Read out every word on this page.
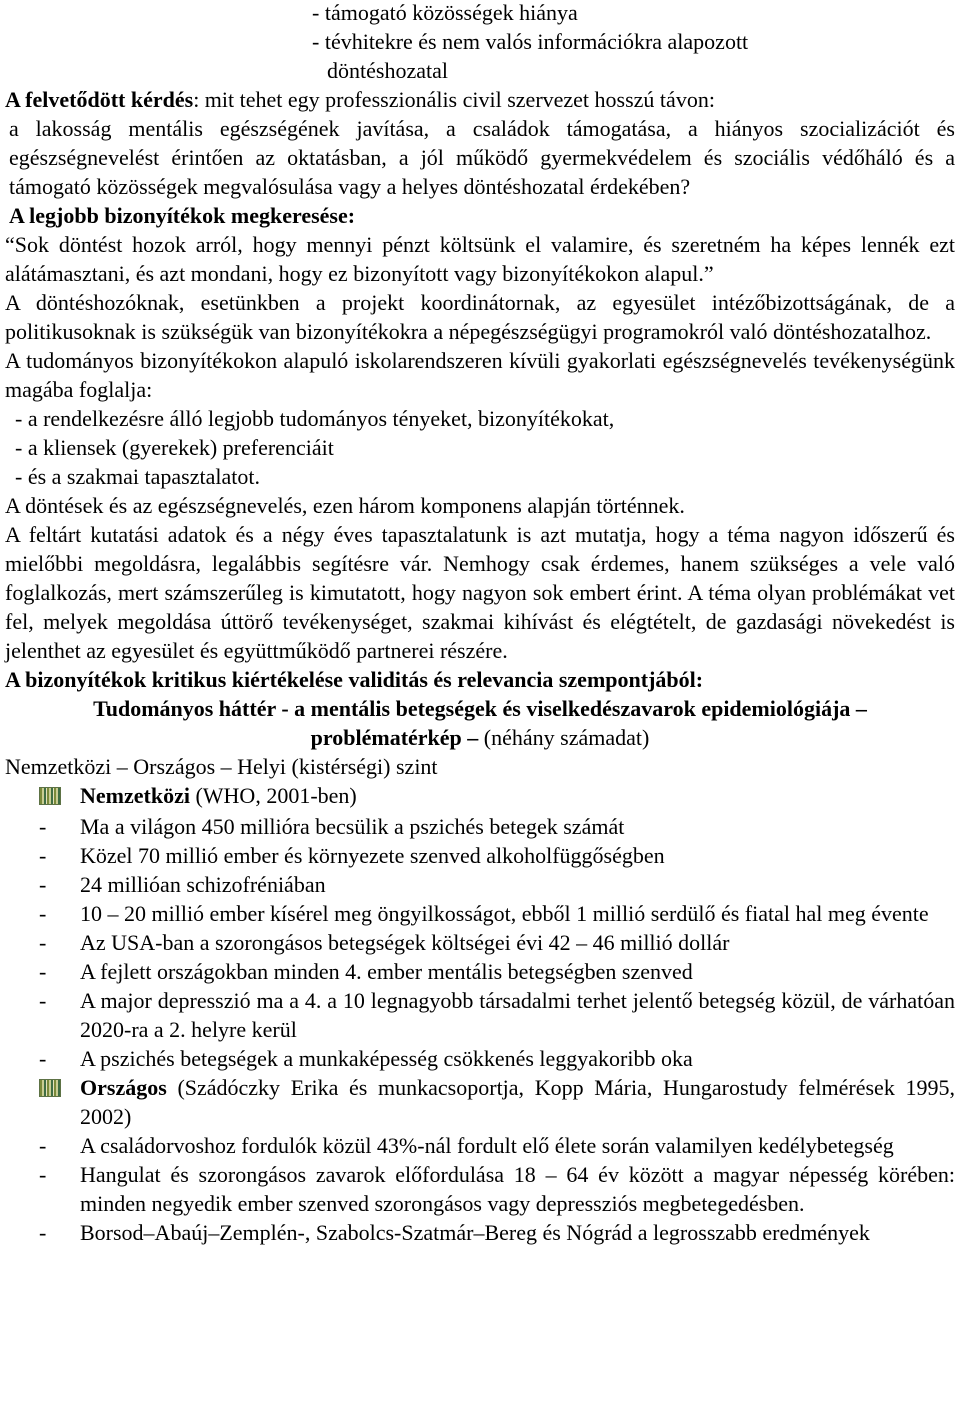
- támogató közösségek hiánya
- tévhitekre és nem valós információkra alapozott
döntéshozatal
A felvetődött kérdés: mit tehet egy professzionális civil szervezet hosszú távon:

a lakosság mentális egészségének javítása, a családok támogatása, a hiányos szocializációt és egészségnevelést érintően az oktatásban, a jól működő gyermekvédelem és szociális védőháló és a támogató közösségek megvalósulása vagy a helyes döntéshozatal érdekében?

A legjobb bizonyítékok megkeresése:

“Sok döntést hozok arról, hogy mennyi pénzt költsünk el valamire, és szeretném ha képes lennék ezt alátámasztani, és azt mondani, hogy ez bizonyított vagy bizonyítékokon alapul.”

A döntéshozóknak, esetünkben a projekt koordinátornak, az egyesület intézőbizottságának, de a politikusoknak is szükségük van bizonyítékokra a népegészségügyi programokról való döntéshozatalhoz.

A tudományos bizonyítékokon alapuló iskolarendszeren kívüli gyakorlati egészségnevelés tevékenységünk magába foglalja:

- a rendelkezésre álló legjobb tudományos tényeket, bizonyítékokat,
- a kliensek (gyerekek) preferenciáit
- és a szakmai tapasztalatot.

A döntések és az egészségnevelés, ezen három komponens alapján történnek.

A feltárt kutatási adatok és a négy éves tapasztalatunk is azt mutatja, hogy a téma nagyon időszerű és mielőbbi megoldásra, legalábbis segítésre vár. Nemhogy csak érdemes, hanem szükséges a vele való foglalkozás, mert számszerűleg is kimutatott, hogy nagyon sok embert érint. A téma olyan problémákat vet fel, melyek megoldása úttörő tevékenységet, szakmai kihívást és elégtételt, de gazdasági növekedést is jelenthet az egyesület és együttműködő partnerei részére.

A bizonyítékok kritikus kiértékelése validitás és relevancia szempontjából:
Tudományos háttér - a mentális betegségek és viselkedészavarok epidemiológiája –
problématérkép – (néhány számadat)
Nemzetközi – Országos – Helyi (kistérségi) szint
Nemzetközi (WHO, 2001-ben)
-	Ma a világon 450 millióra becsülik a pszichés betegek számát
-	Közel 70 millió ember és környezete szenved alkoholfüggőségben
-	24 millióan schizofréniában
-	10 – 20 millió ember kísérel meg öngyilkosságot, ebből 1 millió serdülő és fiatal hal meg évente
-	Az USA-ban a szorongásos betegségek költségei évi 42 – 46 millió dollár
-	A fejlett országokban minden 4. ember mentális betegségben szenved
-	A major depresszió ma a 4. a 10 legnagyobb társadalmi terhet jelentő betegség közül, de várhatóan 2020-ra a 2. helyre kerül
-	A pszichés betegségek a munkaképesség csökkenés leggyakoribb oka
Országos (Szádóczky Erika és munkacsoportja, Kopp Mária, Hungarostudy felmérések 1995, 2002)
-	A családorvoshoz fordulók közül 43%-nál fordult elő élete során valamilyen kedélybetegség
-	Hangulat és szorongásos zavarok előfordulása 18 – 64 év között a magyar népesség körében: minden negyedik ember szenved szorongásos vagy depressziós megbetegedésben.
-	Borsod–Abaúj–Zemplén-, Szabolcs-Szatmár–Bereg és Nógrád a legrosszabb eredmények
